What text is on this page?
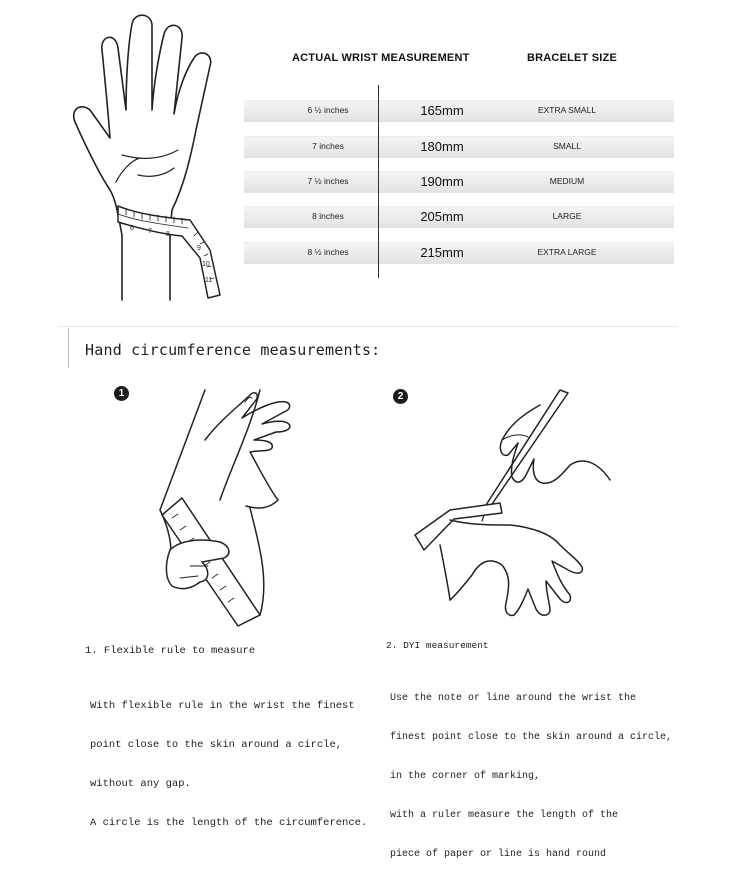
6 7 8
9
10
11
ACTUAL WRIST MEASUREMENT	BRACELET SIZE
6 ½ inches	165mm	EXTRA SMALL
7 inches	180mm	SMALL
7 ½ inches	190mm	MEDIUM
8 inches	205mm	LARGE
8 ½ inches	215mm	EXTRA LARGE
Hand circumference measurements:
1	2
1. Flexible rule to measure

With flexible rule in the wrist the finest

point close to the skin around a circle,

without any gap.

A circle is the length of the circumference.

2. DYI measurement

Use the note or line around the wrist the

finest point close to the skin around a circle,

in the corner of marking,

with a ruler measure the length of the

piece of paper or line is hand round
